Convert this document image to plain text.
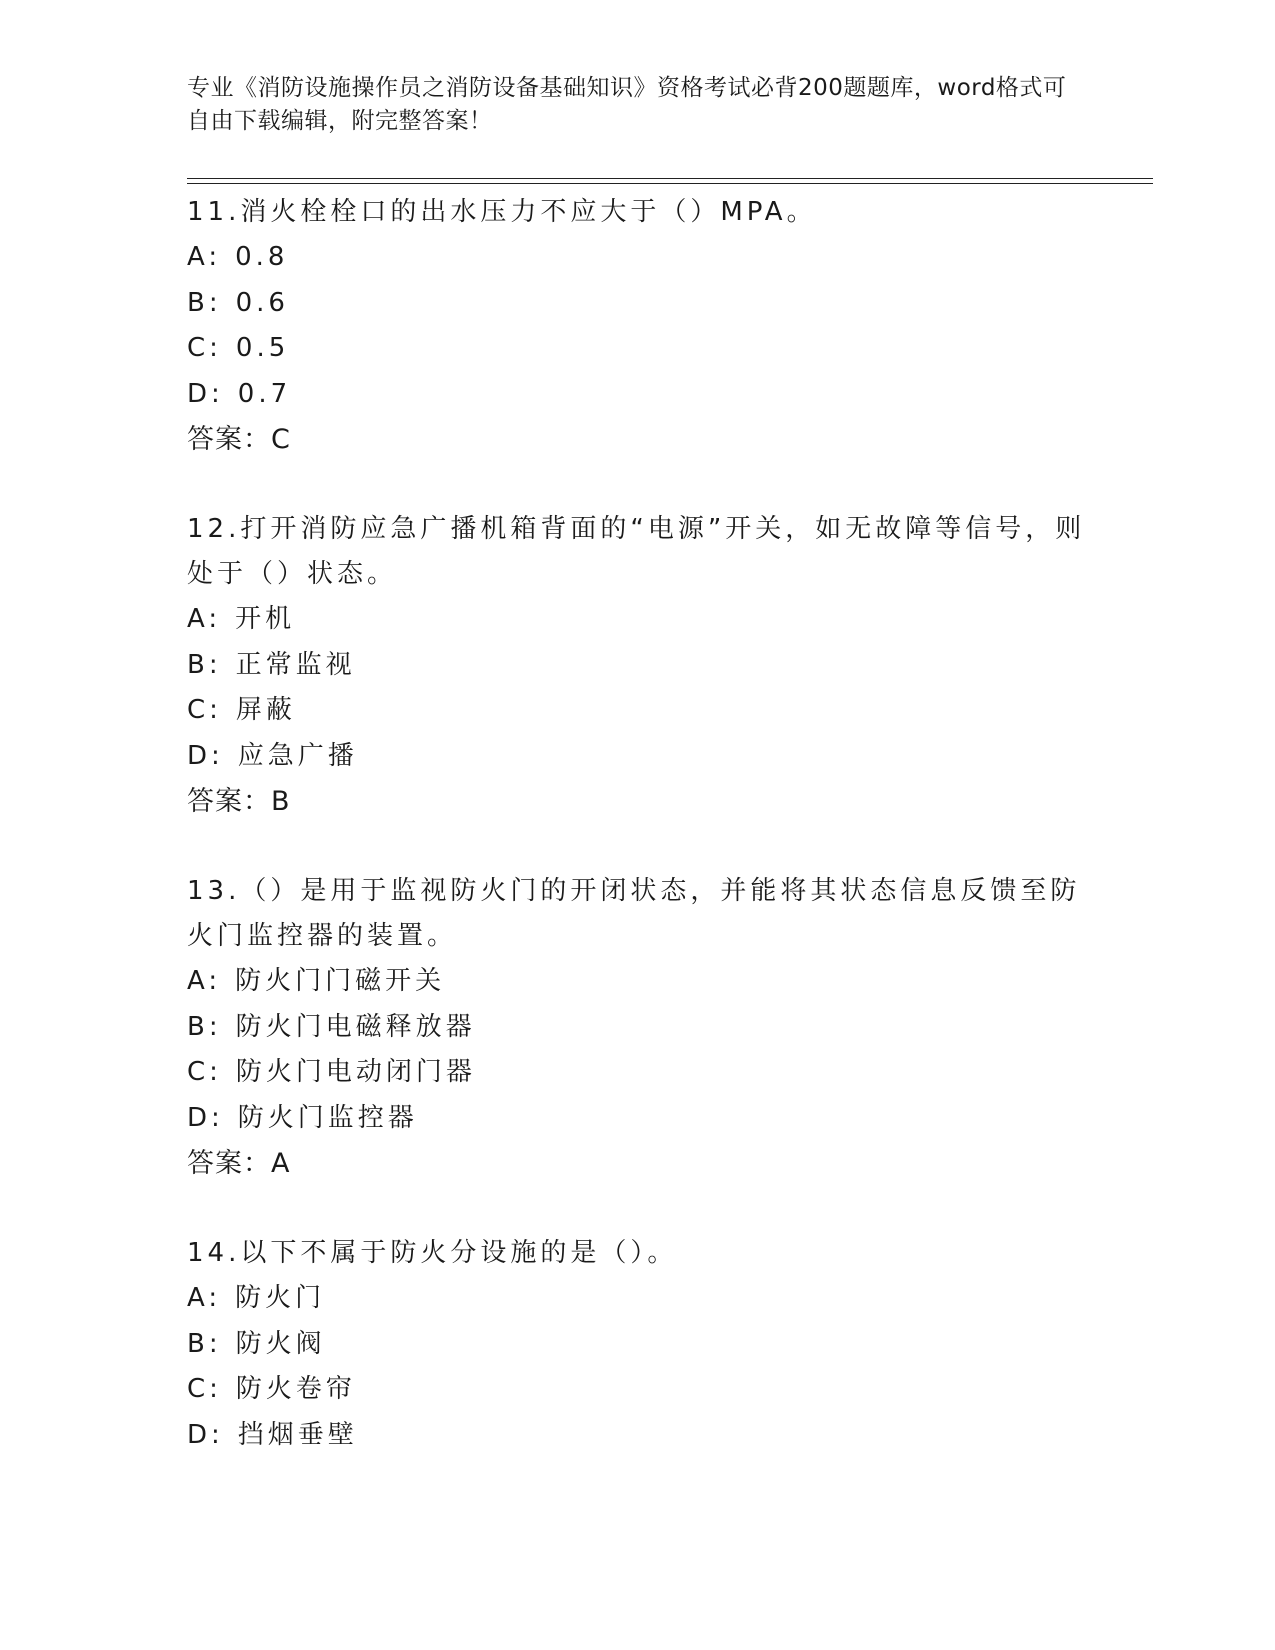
专业《消防设施操作员之消防设备基础知识》资格考试必背200题题库，word格式可自由下载编辑，附完整答案！

11.消火栓栓口的出水压力不应大于（）MPA。

A: 0.8

B: 0.6

C: 0.5

D: 0.7

答案：C

12.打开消防应急广播机箱背面的“电源”开关，如无故障等信号，则处于（）状态。

A: 开机

B: 正常监视

C: 屏蔽

D: 应急广播

答案：B

13.（）是用于监视防火门的开闭状态，并能将其状态信息反馈至防火门监控器的装置。

A: 防火门门磁开关

B: 防火门电磁释放器

C: 防火门电动闭门器

D: 防火门监控器

答案：A

14.以下不属于防火分设施的是（）。

A: 防火门

B: 防火阀

C: 防火卷帘

D: 挡烟垂壁
